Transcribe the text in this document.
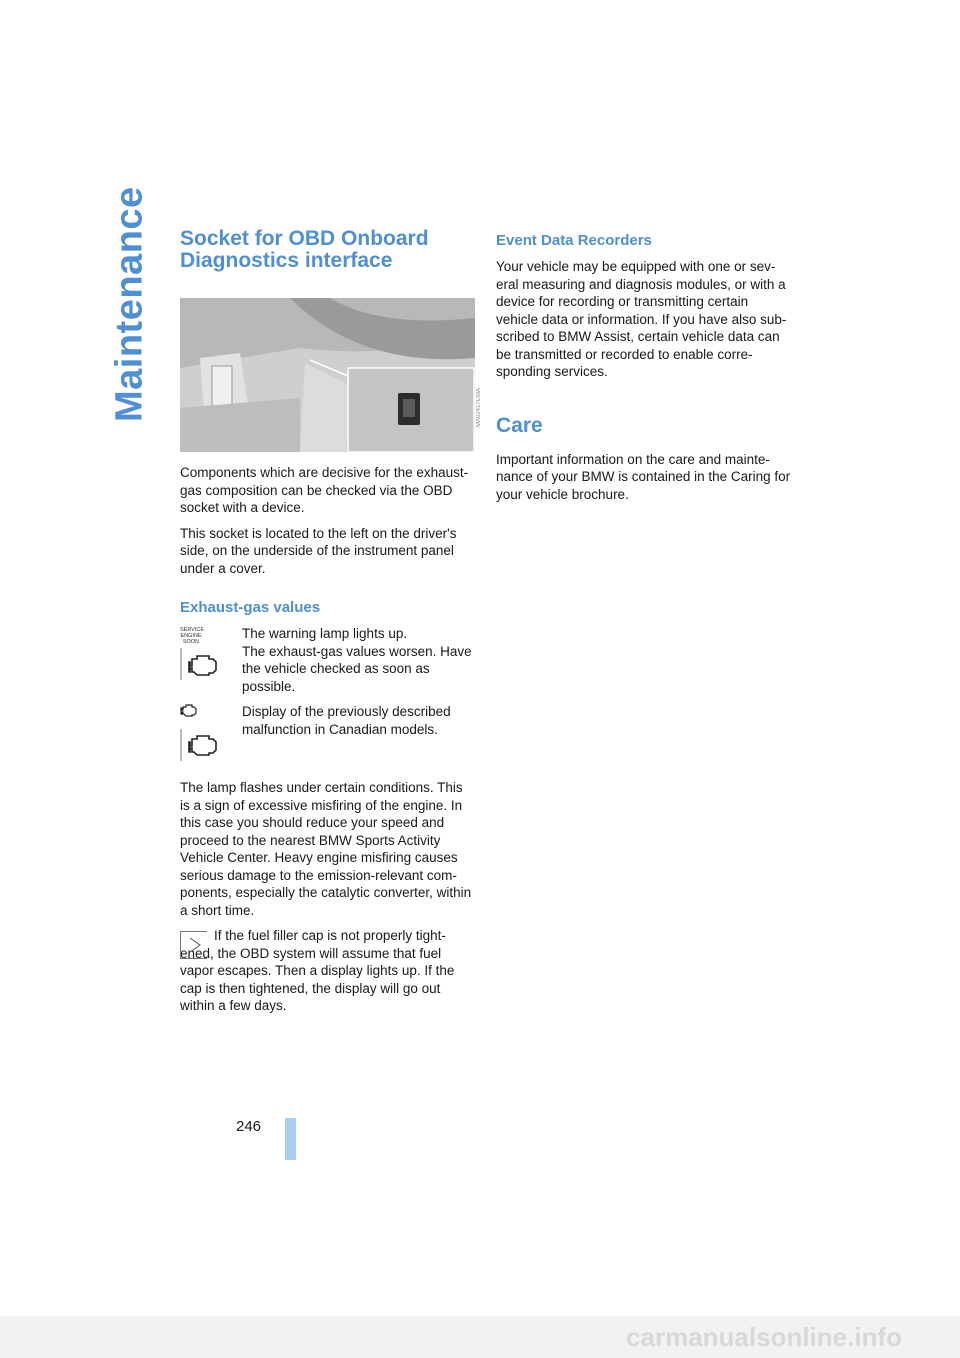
Maintenance	Socket for OBD Onboard Diagnostics interface
MA02417CMA

Components which are decisive for the exhaust-gas composition can be checked via the OBD socket with a device.

This socket is located to the left on the driver's side, on the underside of the instrument panel under a cover.

Exhaust-gas values
SERVICE ENGINE SOON

The warning lamp lights up.

The exhaust-gas values worsen. Have the vehicle checked as soon as possible.

Display of the previously described malfunction in Canadian models.

The lamp flashes under certain conditions. This is a sign of excessive misfiring of the engine. In this case you should reduce your speed and proceed to the nearest BMW Sports Activity Vehicle Center. Heavy engine misfiring causes serious damage to the emission-relevant com-ponents, especially the catalytic converter, within a short time.

If the fuel filler cap is not properly tight-ened, the OBD system will assume that fuel vapor escapes. Then a display lights up. If the cap is then tightened, the display will go out within a few days.

Event Data Recorders

Your vehicle may be equipped with one or sev-eral measuring and diagnosis modules, or with a device for recording or transmitting certain vehicle data or information. If you have also sub-scribed to BMW Assist, certain vehicle data can be transmitted or recorded to enable corre-sponding services.

Care

Important information on the care and mainte-nance of your BMW is contained in the Caring for your vehicle brochure.

246
carmanualsonline.info
